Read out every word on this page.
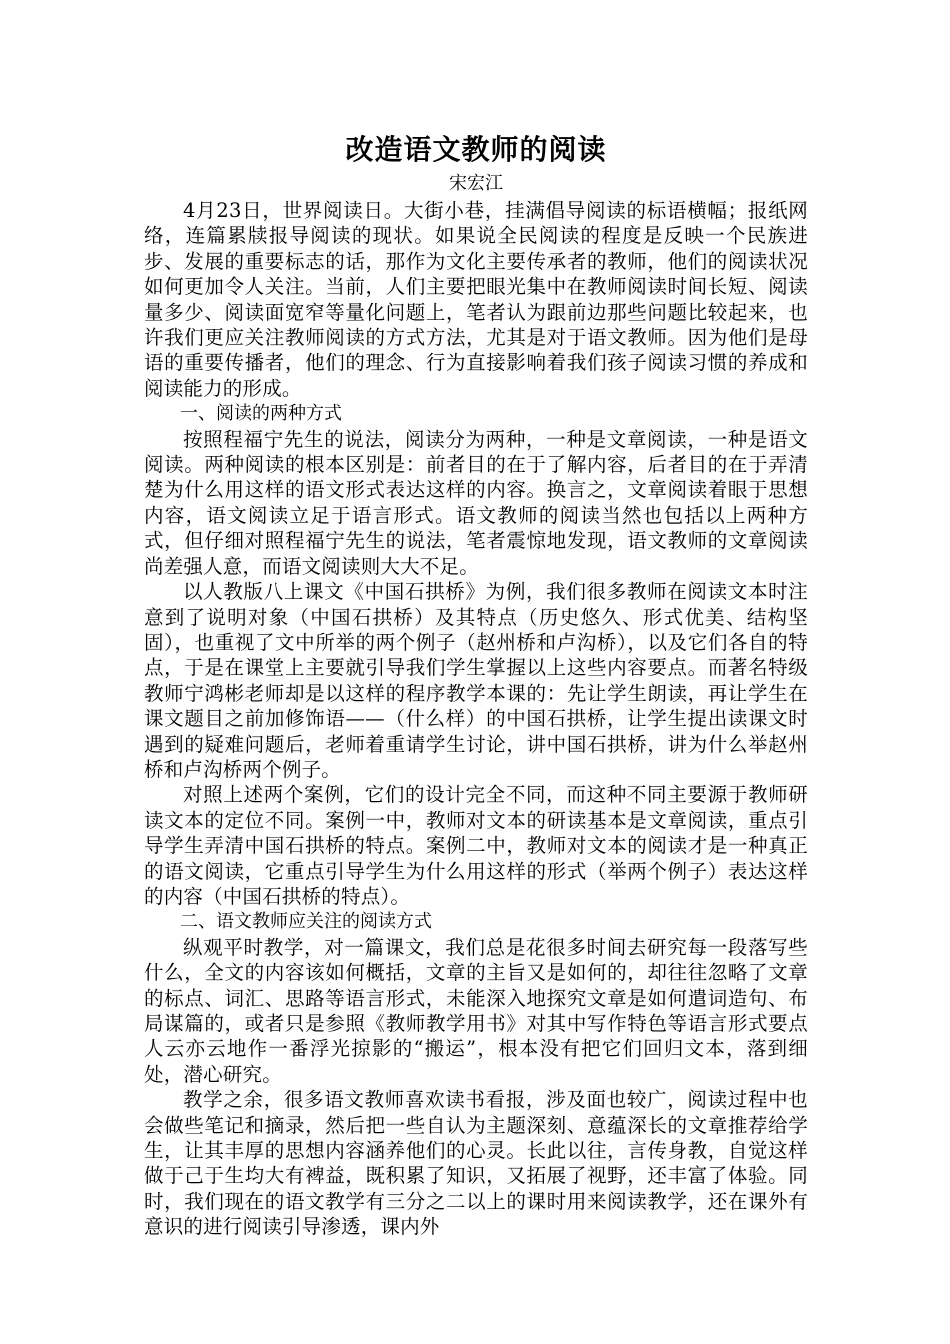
改造语文教师的阅读
宋宏江

4月23日，世界阅读日。大街小巷，挂满倡导阅读的标语横幅；报纸网络，连篇累牍报导阅读的现状。如果说全民阅读的程度是反映一个民族进步、发展的重要标志的话，那作为文化主要传承者的教师，他们的阅读状况如何更加令人关注。当前，人们主要把眼光集中在教师阅读时间长短、阅读量多少、阅读面宽窄等量化问题上，笔者认为跟前边那些问题比较起来，也许我们更应关注教师阅读的方式方法，尤其是对于语文教师。因为他们是母语的重要传播者，他们的理念、行为直接影响着我们孩子阅读习惯的养成和阅读能力的形成。

一、阅读的两种方式

按照程福宁先生的说法，阅读分为两种，一种是文章阅读，一种是语文阅读。两种阅读的根本区别是：前者目的在于了解内容，后者目的在于弄清楚为什么用这样的语文形式表达这样的内容。换言之，文章阅读着眼于思想内容，语文阅读立足于语言形式。语文教师的阅读当然也包括以上两种方式，但仔细对照程福宁先生的说法，笔者震惊地发现，语文教师的文章阅读尚差强人意，而语文阅读则大大不足。

以人教版八上课文《中国石拱桥》为例，我们很多教师在阅读文本时注意到了说明对象（中国石拱桥）及其特点（历史悠久、形式优美、结构坚固），也重视了文中所举的两个例子（赵州桥和卢沟桥），以及它们各自的特点，于是在课堂上主要就引导我们学生掌握以上这些内容要点。而著名特级教师宁鸿彬老师却是以这样的程序教学本课的：先让学生朗读，再让学生在课文题目之前加修饰语——（什么样）的中国石拱桥，让学生提出读课文时遇到的疑难问题后，老师着重请学生讨论，讲中国石拱桥，讲为什么举赵州桥和卢沟桥两个例子。

对照上述两个案例，它们的设计完全不同，而这种不同主要源于教师研读文本的定位不同。案例一中，教师对文本的研读基本是文章阅读，重点引导学生弄清中国石拱桥的特点。案例二中，教师对文本的阅读才是一种真正的语文阅读，它重点引导学生为什么用这样的形式（举两个例子）表达这样的内容（中国石拱桥的特点）。

二、语文教师应关注的阅读方式

纵观平时教学，对一篇课文，我们总是花很多时间去研究每一段落写些什么，全文的内容该如何概括，文章的主旨又是如何的，却往往忽略了文章的标点、词汇、思路等语言形式，未能深入地探究文章是如何遣词造句、布局谋篇的，或者只是参照《教师教学用书》对其中写作特色等语言形式要点人云亦云地作一番浮光掠影的“搬运”，根本没有把它们回归文本，落到细处，潜心研究。

教学之余，很多语文教师喜欢读书看报，涉及面也较广，阅读过程中也会做些笔记和摘录，然后把一些自认为主题深刻、意蕴深长的文章推荐给学生，让其丰厚的思想内容涵养他们的心灵。长此以往，言传身教，自觉这样做于己于生均大有裨益，既积累了知识，又拓展了视野，还丰富了体验。同时，我们现在的语文教学有三分之二以上的课时用来阅读教学，还在课外有意识的进行阅读引导渗透，课内外
